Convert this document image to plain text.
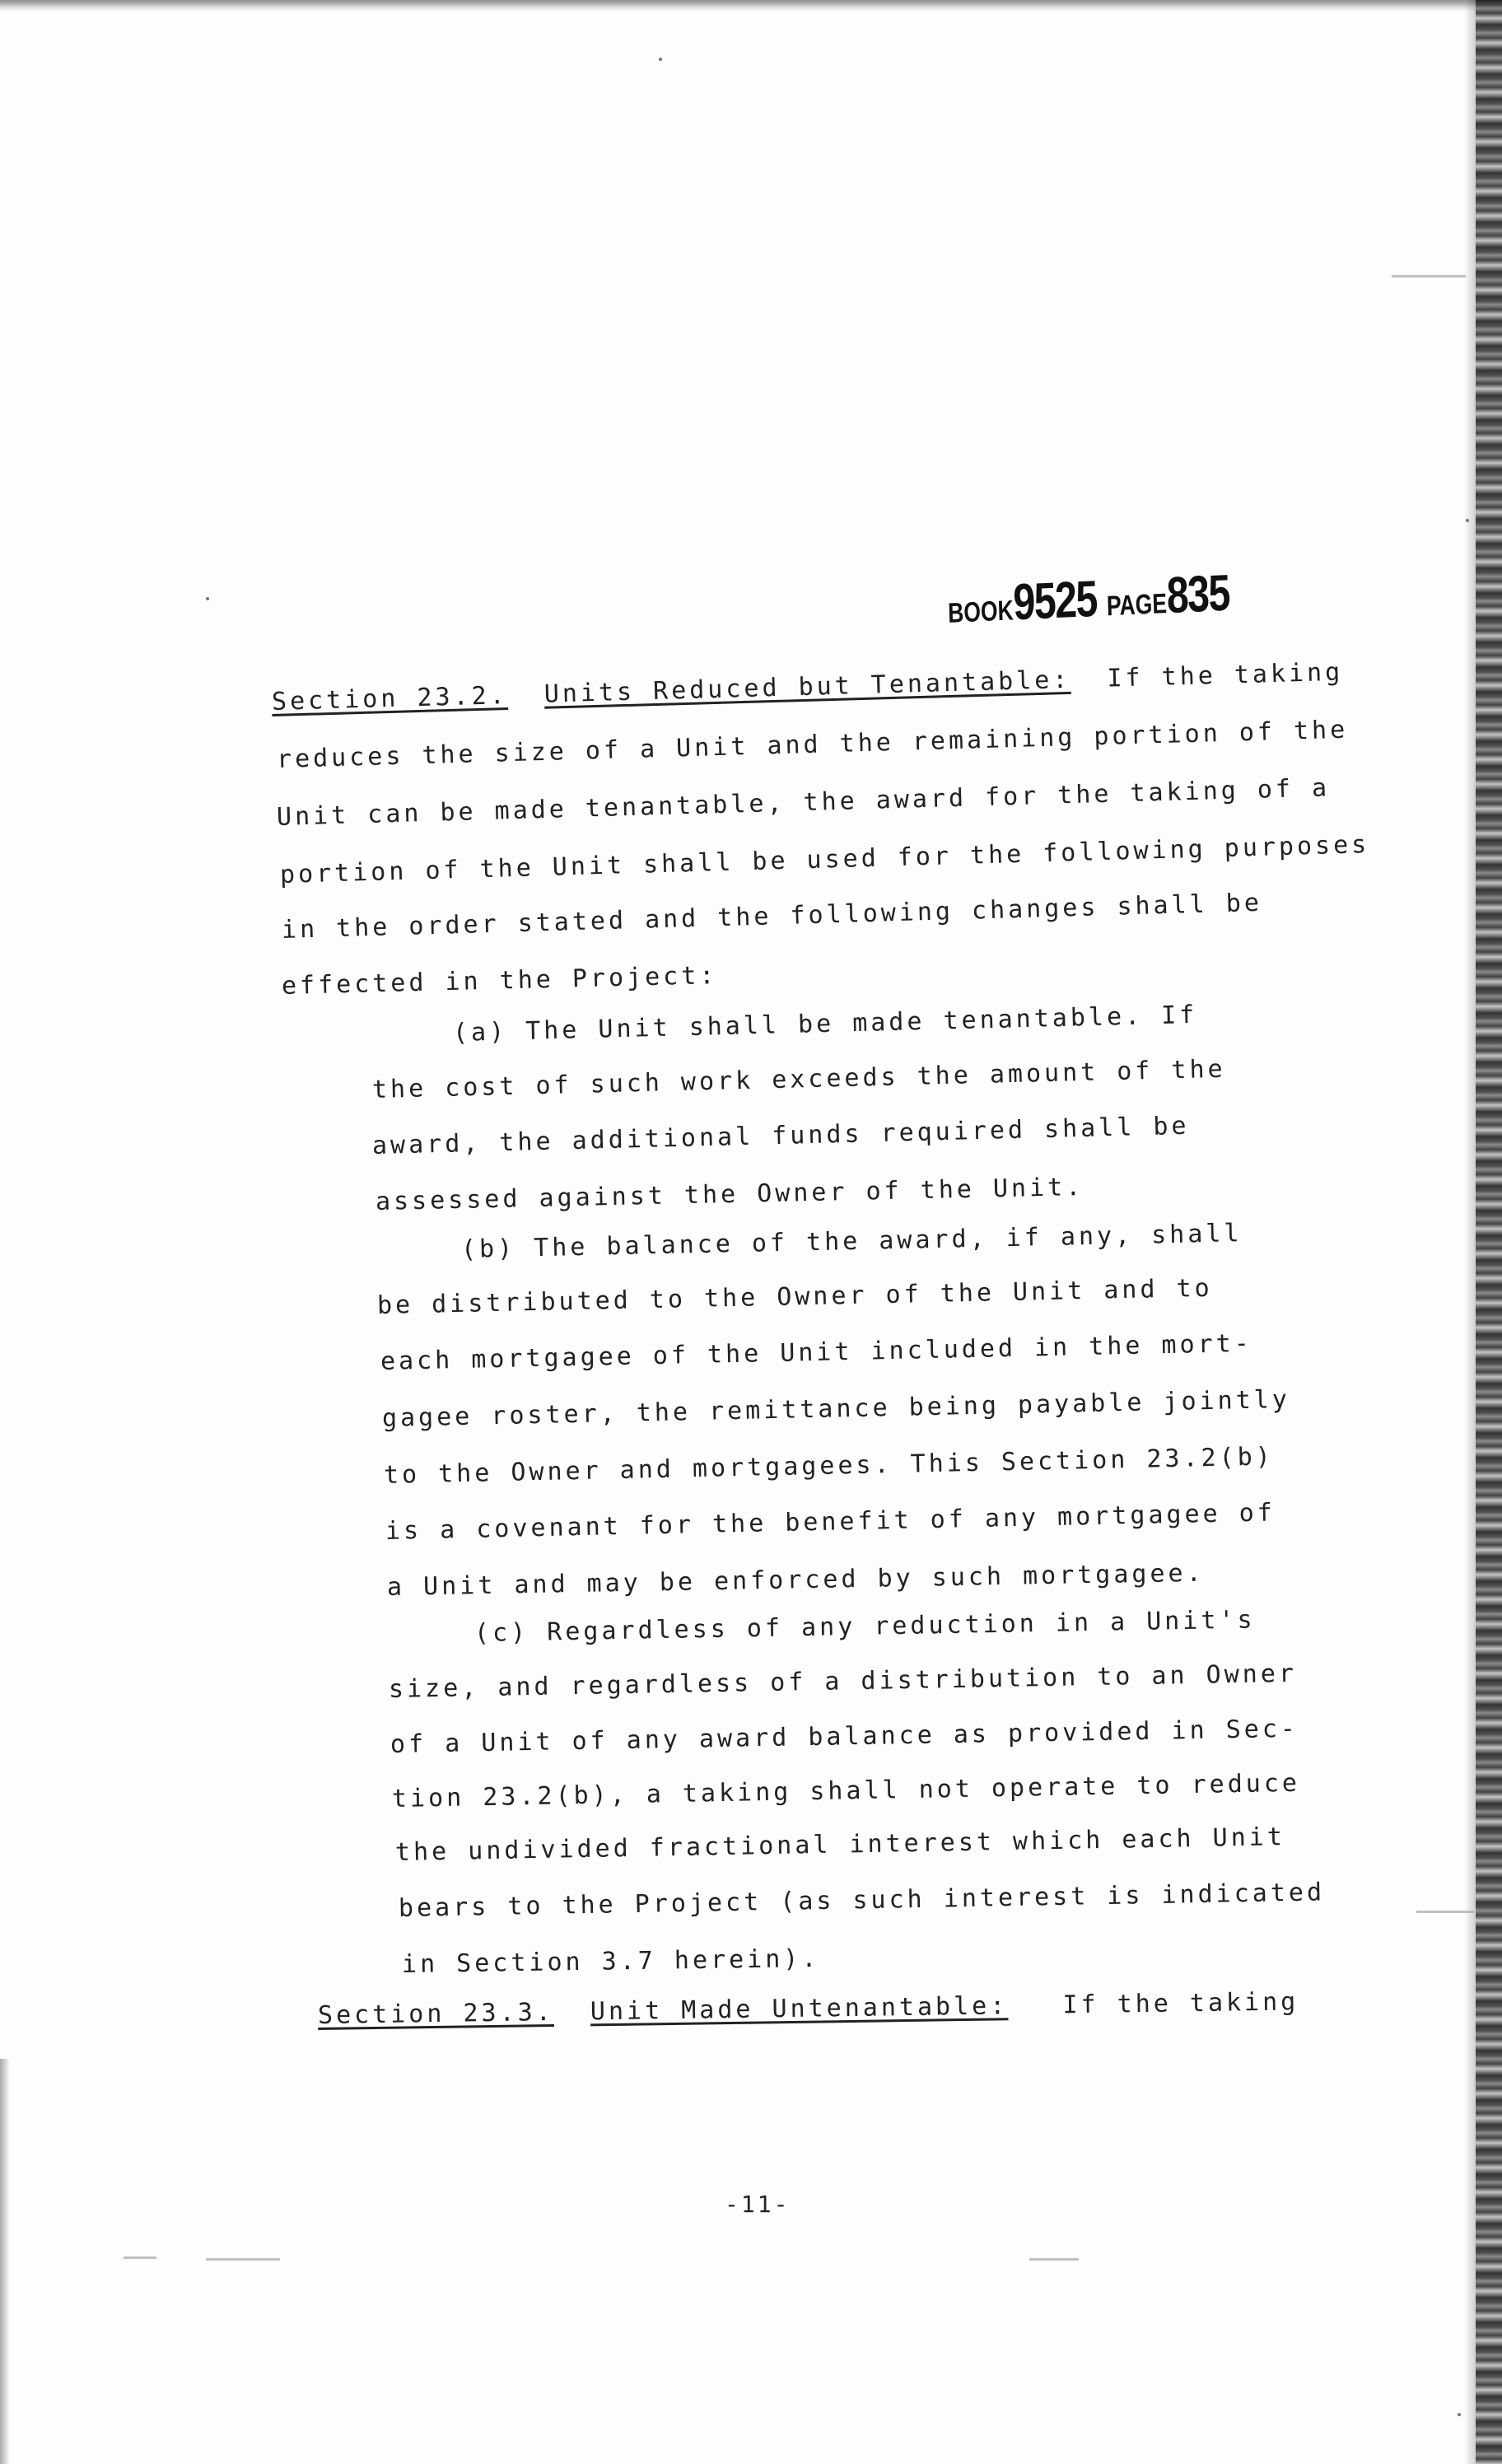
BOOK9525 PAGE835
Section 23.2. Units Reduced but Tenantable: If the taking
reduces the size of a Unit and the remaining portion of the
Unit can be made tenantable, the award for the taking of a
portion of the Unit shall be used for the following purposes
in the order stated and the following changes shall be
effected in the Project:
(a) The Unit shall be made tenantable. If
the cost of such work exceeds the amount of the
award, the additional funds required shall be
assessed against the Owner of the Unit.
(b) The balance of the award, if any, shall
be distributed to the Owner of the Unit and to
each mortgagee of the Unit included in the mort-
gagee roster, the remittance being payable jointly
to the Owner and mortgagees. This Section 23.2(b)
is a covenant for the benefit of any mortgagee of
a Unit and may be enforced by such mortgagee.
(c) Regardless of any reduction in a Unit's
size, and regardless of a distribution to an Owner
of a Unit of any award balance as provided in Sec-
tion 23.2(b), a taking shall not operate to reduce
the undivided fractional interest which each Unit
bears to the Project (as such interest is indicated
in Section 3.7 herein).
Section 23.3. Unit Made Untenantable: If the taking
-11-
